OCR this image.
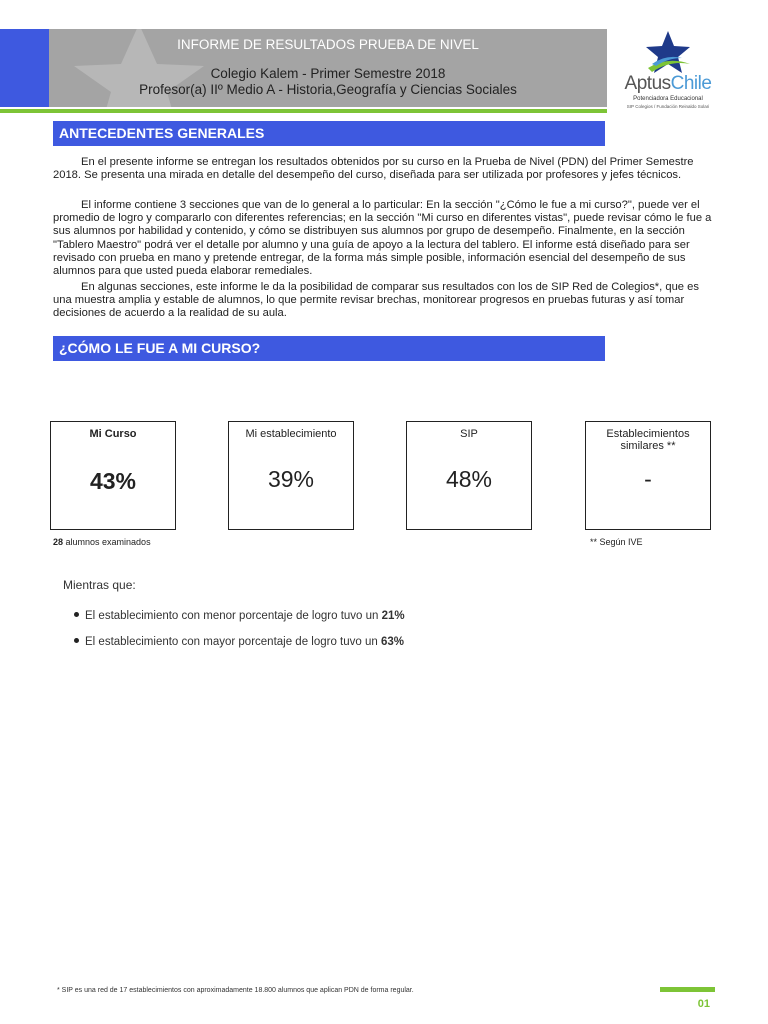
INFORME DE RESULTADOS PRUEBA DE NIVEL
Colegio Kalem - Primer Semestre 2018
Profesor(a) IIº Medio A - Historia,Geografía y Ciencias Sociales	AptusChile
Potenciadora Educacional
SIP Colegios / Fundación Reinaldo Solari
ANTECEDENTES GENERALES

En el presente informe se entregan los resultados obtenidos por su curso en la Prueba de Nivel (PDN) del Primer Semestre 2018. Se presenta una mirada en detalle del desempeño del curso, diseñada para ser utilizada por profesores y jefes técnicos.

El informe contiene 3 secciones que van de lo general a lo particular: En la sección "¿Cómo le fue a mi curso?", puede ver el promedio de logro y compararlo con diferentes referencias; en la sección "Mi curso en diferentes vistas", puede revisar cómo le fue a sus alumnos por habilidad y contenido, y cómo se distribuyen sus alumnos por grupo de desempeño. Finalmente, en la sección "Tablero Maestro" podrá ver el detalle por alumno y una guía de apoyo a la lectura del tablero. El informe está diseñado para ser revisado con prueba en mano y pretende entregar, de la forma más simple posible, información esencial del desempeño de sus alumnos para que usted pueda elaborar remediales.

En algunas secciones, este informe le da la posibilidad de comparar sus resultados con los de SIP Red de Colegios*, que es una muestra amplia y estable de alumnos, lo que permite revisar brechas, monitorear progresos en pruebas futuras y así tomar decisiones de acuerdo a la realidad de su aula.

¿CÓMO LE FUE A MI CURSO?
Mi Curso
43%
Mi establecimiento
39%
SIP
48%
Establecimientos similares **
-
28 alumnos examinados	** Según IVE
Mientras que:
El establecimiento con menor porcentaje de logro tuvo un 21%
El establecimiento con mayor porcentaje de logro tuvo un 63%
* SIP es una red de 17 establecimientos con aproximadamente 18.800 alumnos que aplican PDN de forma regular.
01
